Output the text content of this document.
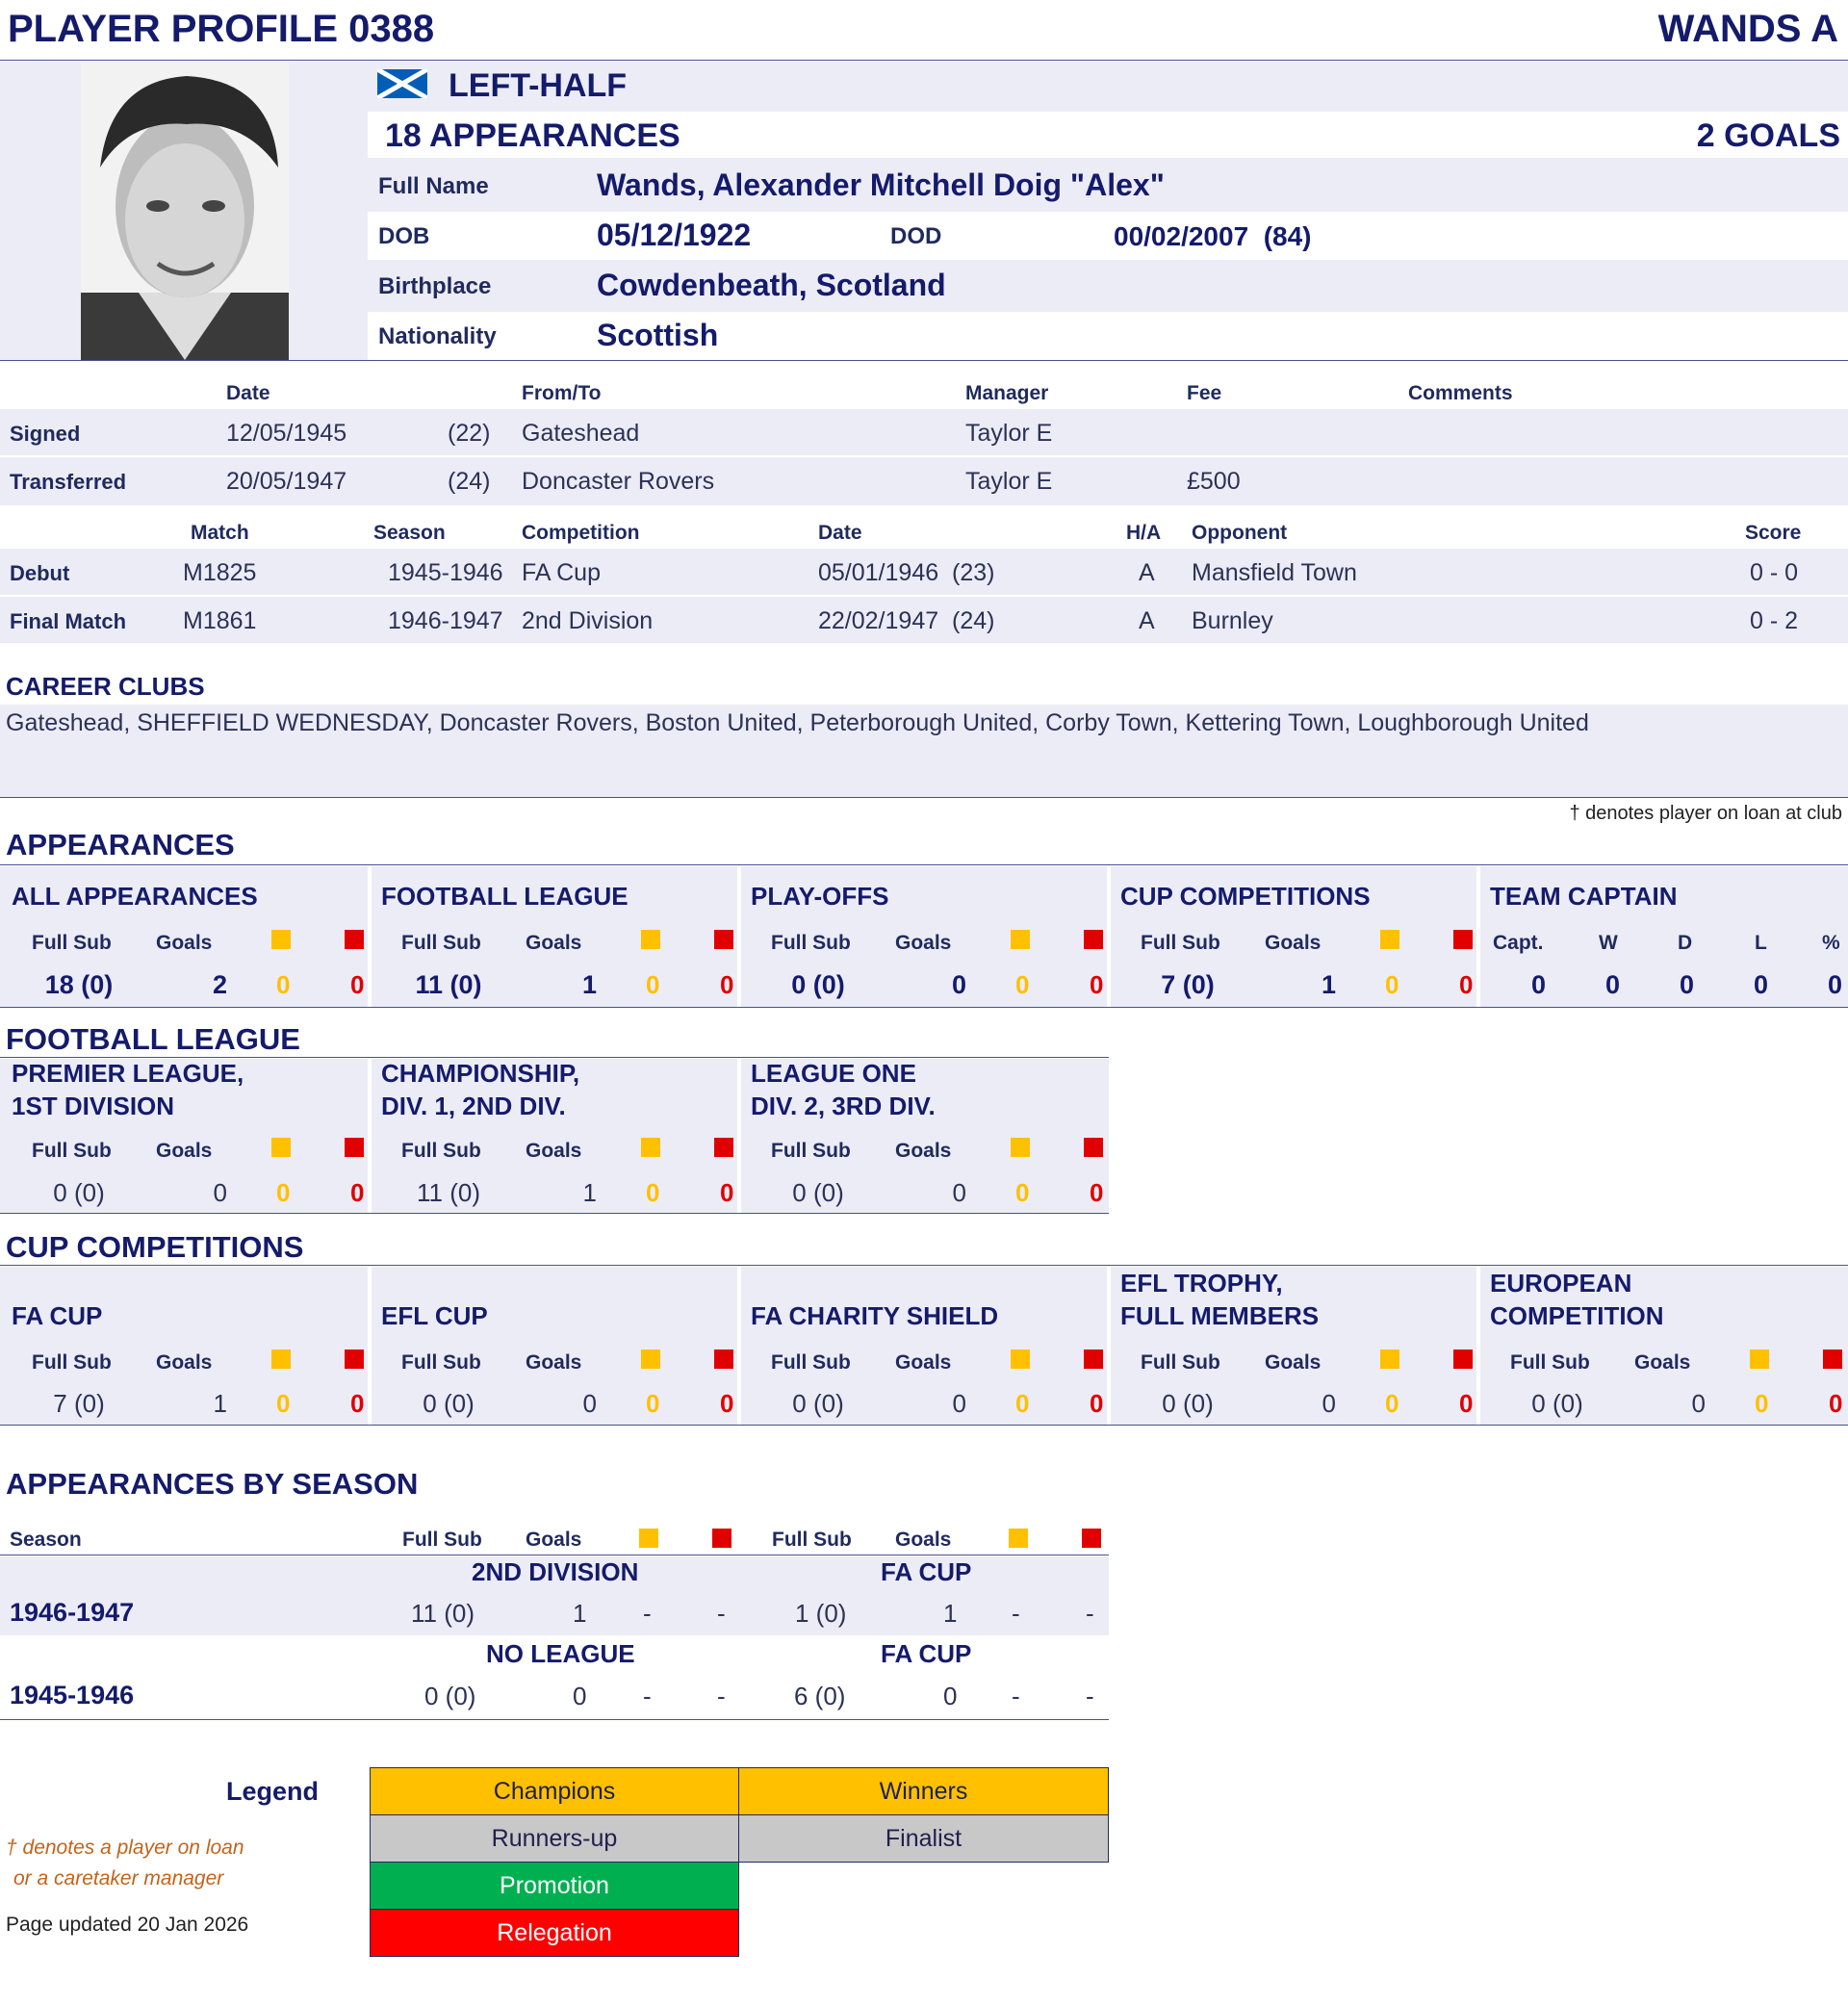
PLAYER PROFILE 0388	WANDS A
LEFT-HALF
18 APPEARANCES	2 GOALS
Full Name	Wands, Alexander Mitchell Doig "Alex"
DOB	05/12/1922	DOD	00/02/2007  (84)
Birthplace	Cowdenbeath, Scotland
Nationality	Scottish
Date	From/To	Manager	Fee	Comments
Signed	12/05/1945	(22) Gateshead	Taylor E
Transferred	20/05/1947	(24) Doncaster Rovers	Taylor E	£500
Match	Season	Competition	Date	H/A Opponent	Score
Debut	M1825	1945-1946 FA Cup	05/01/1946  (23)	A Mansfield Town	0 - 0
Final Match M1861	1946-1947 2nd Division	22/02/1947  (24)	A Burnley	0 - 2
CAREER CLUBS
Gateshead, SHEFFIELD WEDNESDAY, Doncaster Rovers, Boston United, Peterborough United, Corby Town, Kettering Town, Loughborough United
† denotes player on loan at club
APPEARANCES
ALL APPEARANCES
Full Sub Goals
18 (0)	2 0 0
FOOTBALL LEAGUE
Full Sub Goals
11 (0)	1 0 0
PLAY-OFFS
Full Sub Goals
0 (0)	0 0 0
CUP COMPETITIONS
Full Sub Goals
7 (0)	1 0 0
TEAM CAPTAIN
Capt.	W	D	L	%
0 0 0 0 0
FOOTBALL LEAGUE
PREMIER LEAGUE,
1ST DIVISION
Full Sub Goals
0 (0)	0 0 0
CHAMPIONSHIP,
DIV. 1, 2ND DIV.
Full Sub Goals
11 (0)	1 0 0
LEAGUE ONE
DIV. 2, 3RD DIV.
Full Sub Goals
0 (0)	0 0 0
CUP COMPETITIONS
FA CUP
Full Sub Goals
7 (0)	1 0 0
EFL CUP
Full Sub Goals
0 (0)	0 0 0
FA CHARITY SHIELD
Full Sub Goals
0 (0)	0 0 0
EFL TROPHY,
FULL MEMBERS
Full Sub Goals
0 (0)	0 0 0
EUROPEAN
COMPETITION
Full Sub Goals
0 (0)	0 0 0
APPEARANCES BY SEASON
Season	Full Sub Goals	Full Sub Goals
2ND DIVISION	FA CUP
1946-1947	11 (0)	1 -	-	1 (0)	1 -	-
NO LEAGUE	FA CUP
1945-1946	0 (0)	0 -	-	6 (0)	0 -	-
Legend	Champions	Winners
Runners-up	Finalist
Promotion
Relegation
† denotes a player on loan
or a caretaker manager
Page updated 20 Jan 2026
